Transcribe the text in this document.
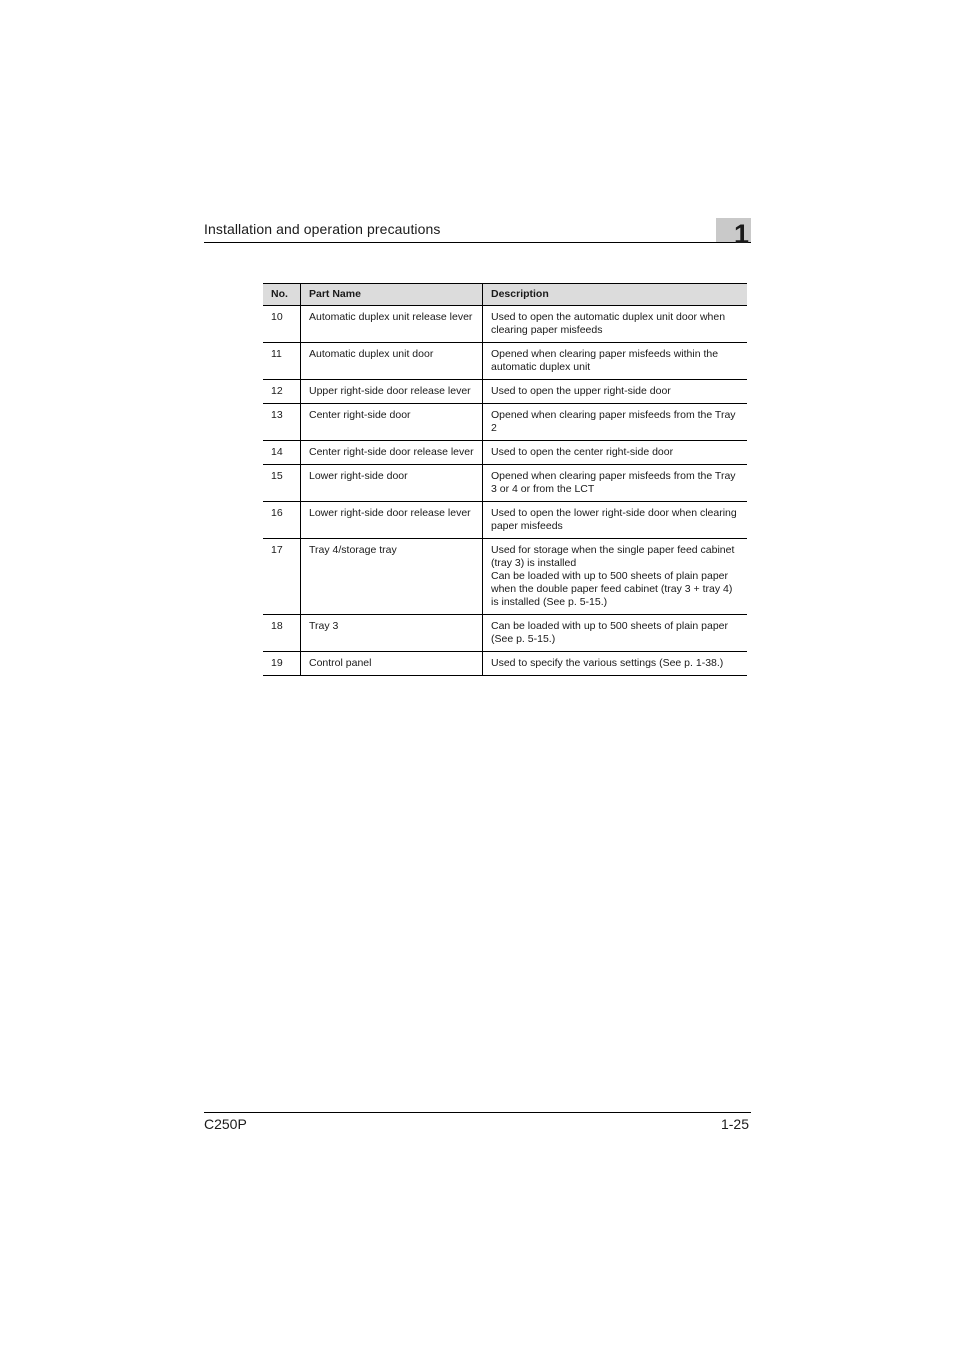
Installation and operation precautions	1
No.	Part Name	Description
10	Automatic duplex unit release lever	Used to open the automatic duplex unit door when clearing paper misfeeds
11	Automatic duplex unit door	Opened when clearing paper misfeeds within the automatic duplex unit
12	Upper right-side door release lever	Used to open the upper right-side door
13	Center right-side door	Opened when clearing paper misfeeds from the Tray 2
14	Center right-side door release lever	Used to open the center right-side door
15	Lower right-side door	Opened when clearing paper misfeeds from the Tray 3 or 4 or from the LCT
16	Lower right-side door release lever	Used to open the lower right-side door when clearing paper misfeeds
17	Tray 4/storage tray	Used for storage when the single paper feed cabinet (tray 3) is installed
Can be loaded with up to 500 sheets of plain paper when the double paper feed cabinet (tray 3 + tray 4) is installed (See p. 5-15.)

18	Tray 3	Can be loaded with up to 500 sheets of plain paper (See p. 5-15.)
19	Control panel	Used to specify the various settings (See p. 1-38.)
C250P	1-25
